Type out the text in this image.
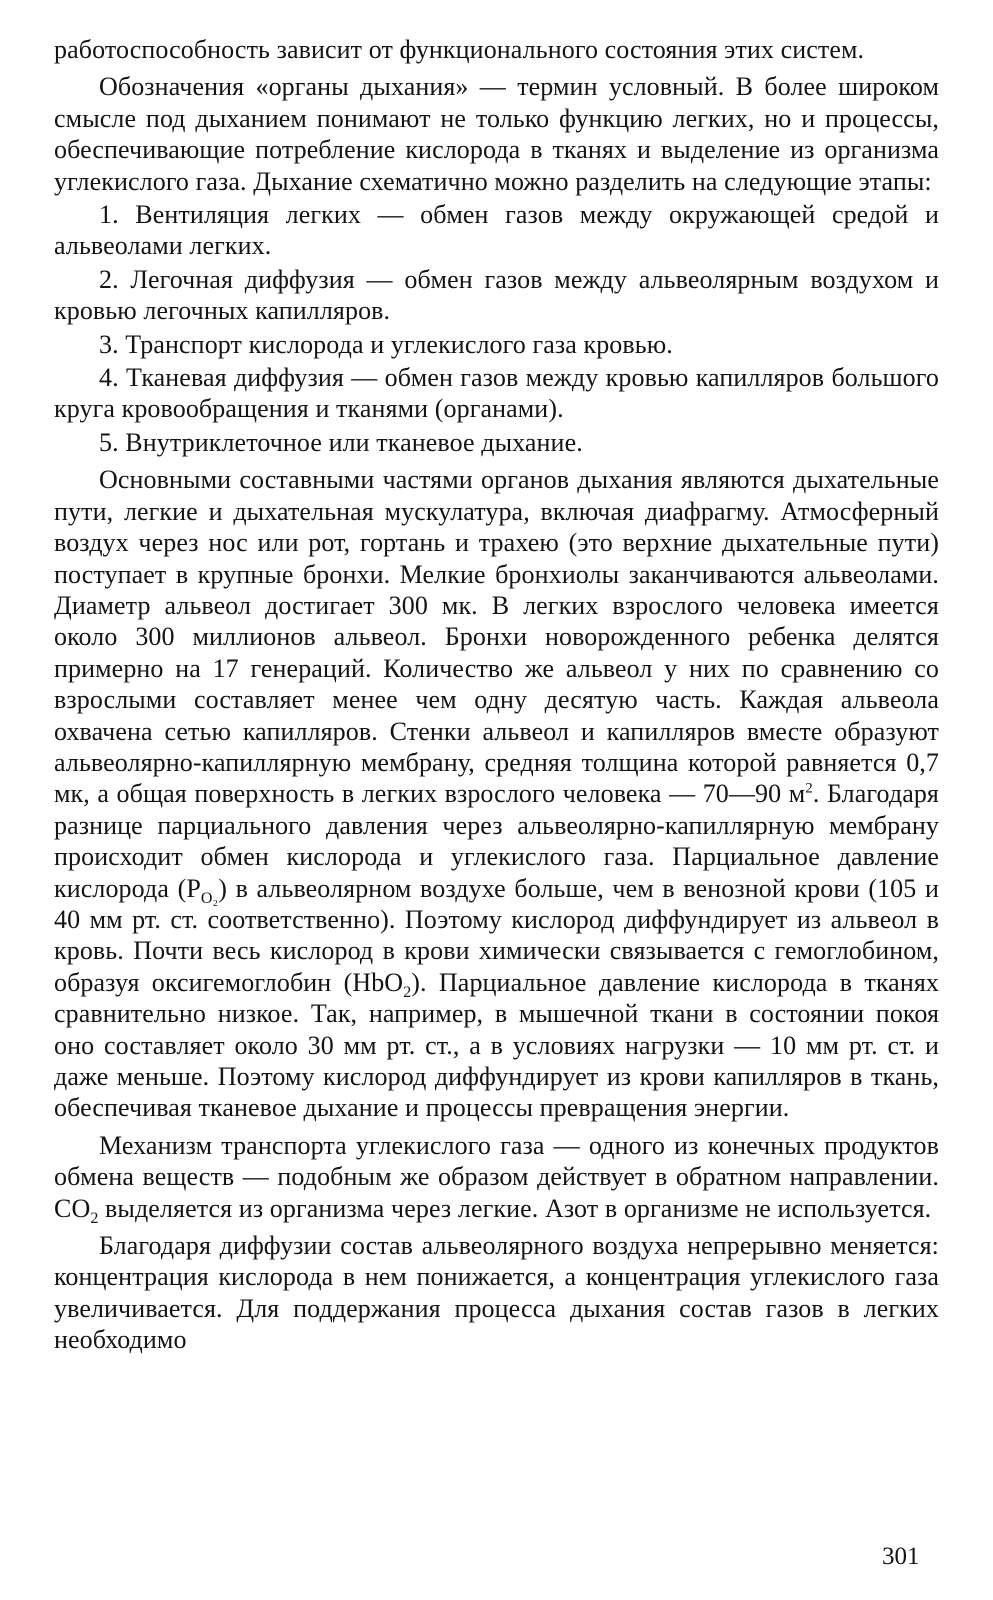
работоспособность зависит от функционального состояния этих систем.

Обозначения «органы дыхания» — термин условный. В более широком смысле под дыханием понимают не только функцию легких, но и процессы, обеспечивающие потребление кислорода в тканях и выделение из организма углекислого газа. Дыхание схематично можно разделить на следующие этапы:

1. Вентиляция легких — обмен газов между окружающей средой и альвеолами легких.

2. Легочная диффузия — обмен газов между альвеолярным воздухом и кровью легочных капилляров.

3. Транспорт кислорода и углекислого газа кровью.

4. Тканевая диффузия — обмен газов между кровью капилляров большого круга кровообращения и тканями (органами).

5. Внутриклеточное или тканевое дыхание.

Основными составными частями органов дыхания являются дыхательные пути, легкие и дыхательная мускулатура, включая диафрагму. Атмосферный воздух через нос или рот, гортань и трахею (это верхние дыхательные пути) поступает в крупные бронхи. Мелкие бронхиолы заканчиваются альвеолами. Диаметр альвеол достигает 300 мк. В легких взрослого человека имеется около 300 миллионов альвеол. Бронхи новорожденного ребенка делятся примерно на 17 генераций. Количество же альвеол у них по сравнению со взрослыми составляет менее чем одну десятую часть. Каждая альвеола охвачена сетью капилляров. Стенки альвеол и капилляров вместе образуют альвеолярно-капиллярную мембрану, средняя толщина которой равняется 0,7 мк, а общая поверхность в легких взрослого человека — 70—90 $м^2$. Благодаря разнице парциального давления через альвеолярно-капиллярную мембрану происходит обмен кислорода и углекислого газа. Парциальное давление кислорода $(P_{O_2})$ в альвеолярном воздухе больше, чем в венозной крови (105 и 40 мм рт. ст. соответственно). Поэтому кислород диффундирует из альвеол в кровь. Почти весь кислород в крови химически связывается с гемоглобином, образуя оксигемоглобин (HbO$_2$). Парциальное давление кислорода в тканях сравнительно низкое. Так, например, в мышечной ткани в состоянии покоя оно составляет около 30 мм рт. ст., а в условиях нагрузки — 10 мм рт. ст. и даже меньше. Поэтому кислород диффундирует из крови капилляров в ткань, обеспечивая тканевое дыхание и процессы превращения энергии.

Механизм транспорта углекислого газа — одного из конечных продуктов обмена веществ — подобным же образом действует в обратном направлении. $CO_2$ выделяется из организма через легкие. Азот в организме не используется.

Благодаря диффузии состав альвеолярного воздуха непрерывно меняется: концентрация кислорода в нем понижается, а концентрация углекислого газа увеличивается. Для поддержания процесса дыхания состав газов в легких необходимо

301
